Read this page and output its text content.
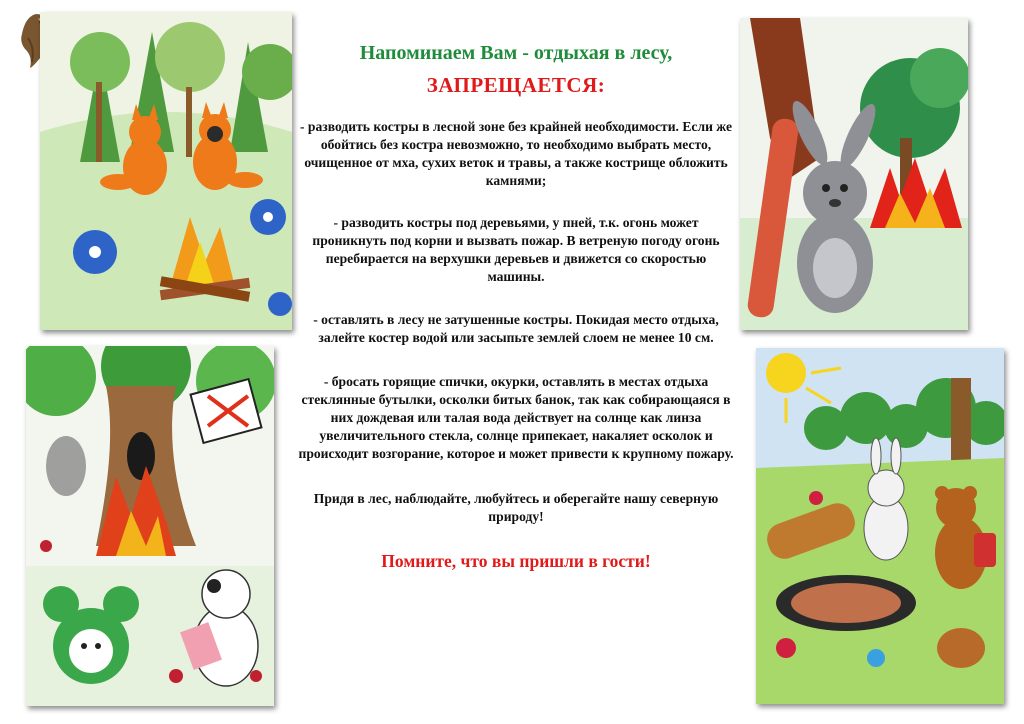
Напоминаем Вам - отдыхая в лесу,
ЗАПРЕЩАЕТСЯ:

- разводить костры в лесной зоне без крайней необходимости. Если же обойтись без костра невозможно, то необходимо выбрать место, очищенное от мха, сухих веток и травы, а также кострище обложить камнями;

- разводить костры под деревьями, у пней, т.к. огонь может проникнуть под корни и вызвать пожар. В ветреную погоду огонь перебирается на верхушки деревьев и движется со скоростью машины.

- оставлять в лесу не затушенные костры. Покидая место отдыха, залейте костер водой или засыпьте землей слоем не менее 10 см.

- бросать горящие спички, окурки, оставлять в местах отдыха стеклянные бутылки, осколки битых банок, так как собирающаяся в них дождевая или талая вода действует на солнце как линза увеличительного стекла, солнце припекает, накаляет осколок и происходит возгорание, которое и может привести к крупному пожару.

Придя в лес, наблюдайте, любуйтесь и оберегайте нашу северную природу!

Помните, что вы пришли в гости!
